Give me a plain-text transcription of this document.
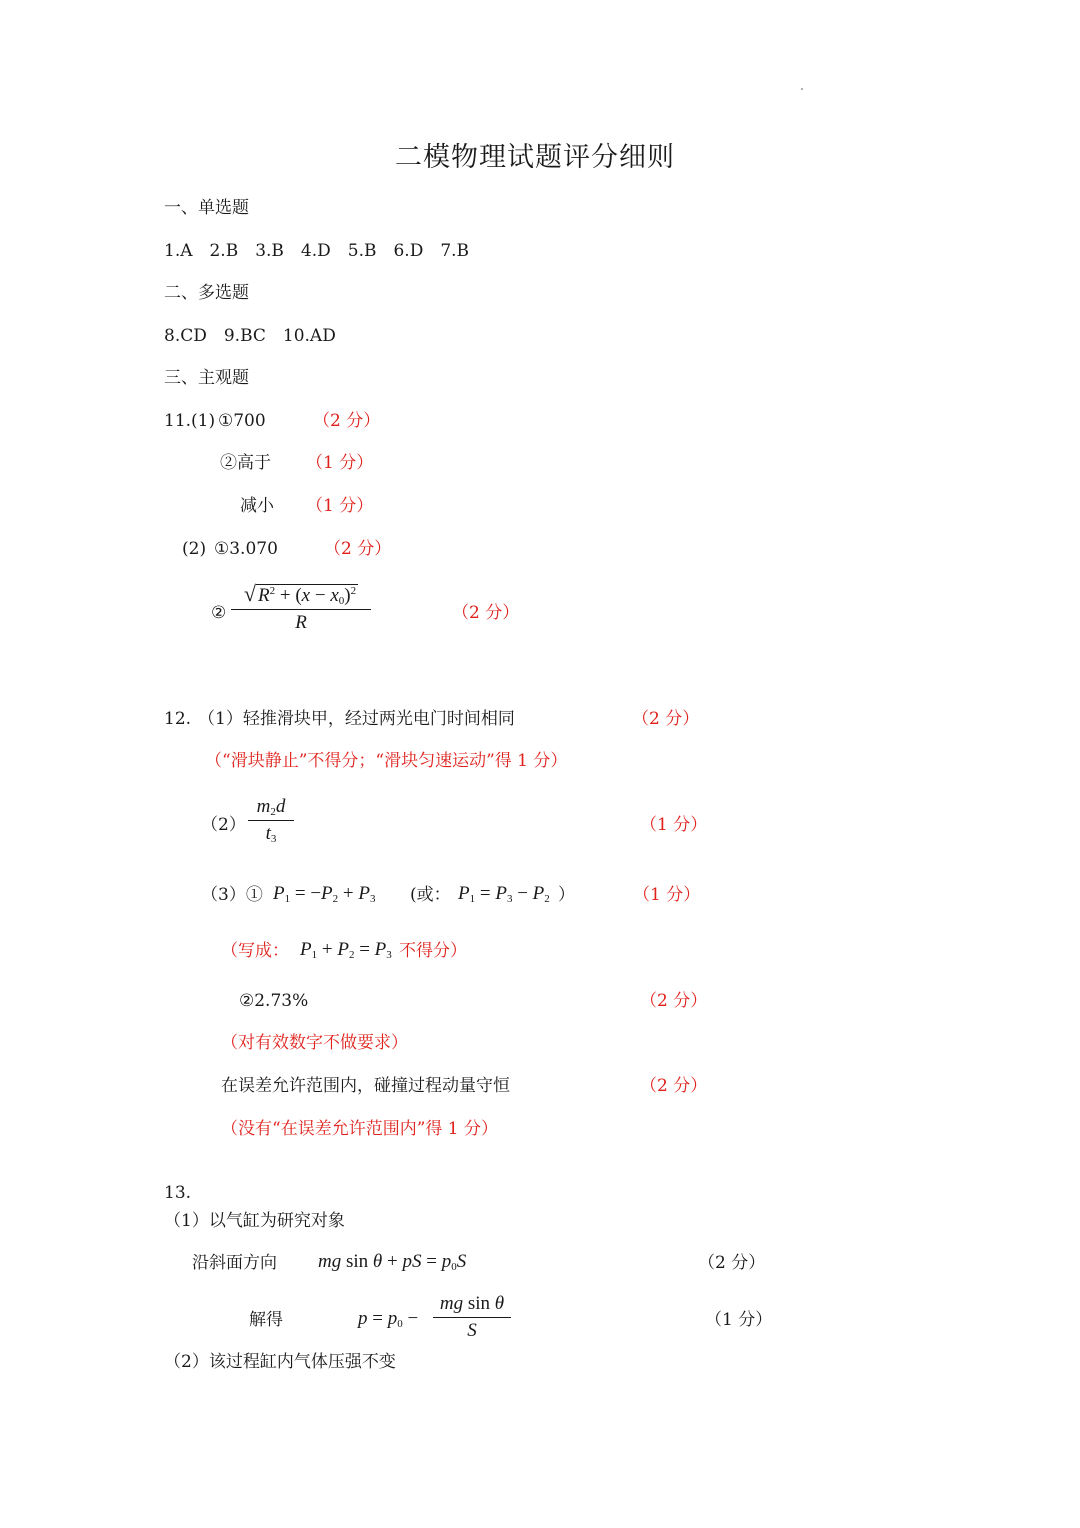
二模物理试题评分细则
一、单选题
1.A　2.B　3.B　4.D　5.B　6.D　7.B
二、多选题
8.CD　9.BC　10.AD
三、主观题
11.(1) ①700	（2 分）
②高于 （1 分）
减小 （1 分）
(2) ①3.070	（2 分）
②
√ $R^2 + (x - x_0)^2$
R	（2 分）
12. （1）轻推滑块甲，经过两光电门时间相同	（2 分）
（“滑块静止”不得分；“滑块匀速运动”得 1 分）
（2）
$m_2d$
$t_3$
（1 分）
（3）① $P_1 = -P_2 + P_3$ (或： $P_1 = P_3 - P_2$ ）	（1 分）
（写成： $P_1 + P_2 = P_3$ 不得分）
②2.73%	（2 分）
（对有效数字不做要求）
在误差允许范围内，碰撞过程动量守恒	（2 分）
（没有“在误差允许范围内”得 1 分）
13.
（1）以气缸为研究对象
沿斜面方向 mg sin θ + pS = $p_0S$	（2 分）
解得	$p = p_0$ −
mg sin θ
S	（1 分）
（2）该过程缸内气体压强不变
